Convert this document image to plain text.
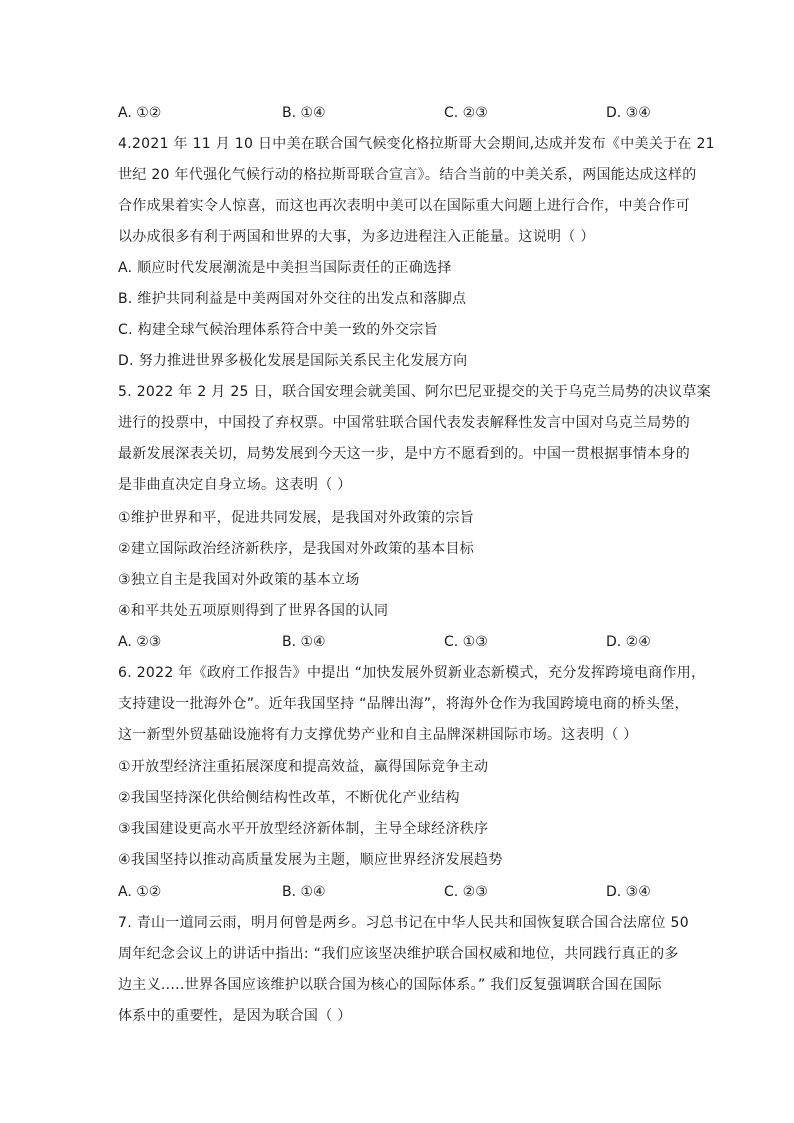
A. ①②	B. ①④	C. ②③	D. ③④
4.2021 年 11 月 10 日中美在联合国气候变化格拉斯哥大会期间,达成并发布《中美关于在 21
世纪 20 年代强化气候行动的格拉斯哥联合宣言》。结合当前的中美关系，两国能达成这样的
合作成果着实令人惊喜，而这也再次表明中美可以在国际重大问题上进行合作，中美合作可
以办成很多有利于两国和世界的大事，为多边进程注入正能量。这说明（ ）
A. 顺应时代发展潮流是中美担当国际责任的正确选择
B. 维护共同利益是中美两国对外交往的出发点和落脚点
C. 构建全球气候治理体系符合中美一致的外交宗旨
D. 努力推进世界多极化发展是国际关系民主化发展方向
5. 2022 年 2 月 25 日，联合国安理会就美国、阿尔巴尼亚提交的关于乌克兰局势的决议草案
进行的投票中，中国投了弃权票。中国常驻联合国代表发表解释性发言中国对乌克兰局势的
最新发展深表关切，局势发展到今天这一步，是中方不愿看到的。中国一贯根据事情本身的
是非曲直决定自身立场。这表明（ ）
①维护世界和平，促进共同发展，是我国对外政策的宗旨
②建立国际政治经济新秩序，是我国对外政策的基本目标
③独立自主是我国对外政策的基本立场
④和平共处五项原则得到了世界各国的认同
A. ②③	B. ①④	C. ①③	D. ②④
6. 2022 年《政府工作报告》中提出 “加快发展外贸新业态新模式，充分发挥跨境电商作用，
支持建设一批海外仓”。近年我国坚持 “品牌出海”，将海外仓作为我国跨境电商的桥头堡，
这一新型外贸基础设施将有力支撑优势产业和自主品牌深耕国际市场。这表明（ ）
①开放型经济注重拓展深度和提高效益，赢得国际竞争主动
②我国坚持深化供给侧结构性改革，不断优化产业结构
③我国建设更高水平开放型经济新体制，主导全球经济秩序
④我国坚持以推动高质量发展为主题，顺应世界经济发展趋势
A. ①②	B. ①④	C. ②③	D. ③④
7. 青山一道同云雨，明月何曾是两乡。习总书记在中华人民共和国恢复联合国合法席位 50
周年纪念会议上的讲话中指出: “我们应该坚决维护联合国权威和地位，共同践行真正的多
边主义.....世界各国应该维护以联合国为核心的国际体系。” 我们反复强调联合国在国际
体系中的重要性，是因为联合国（ ）
